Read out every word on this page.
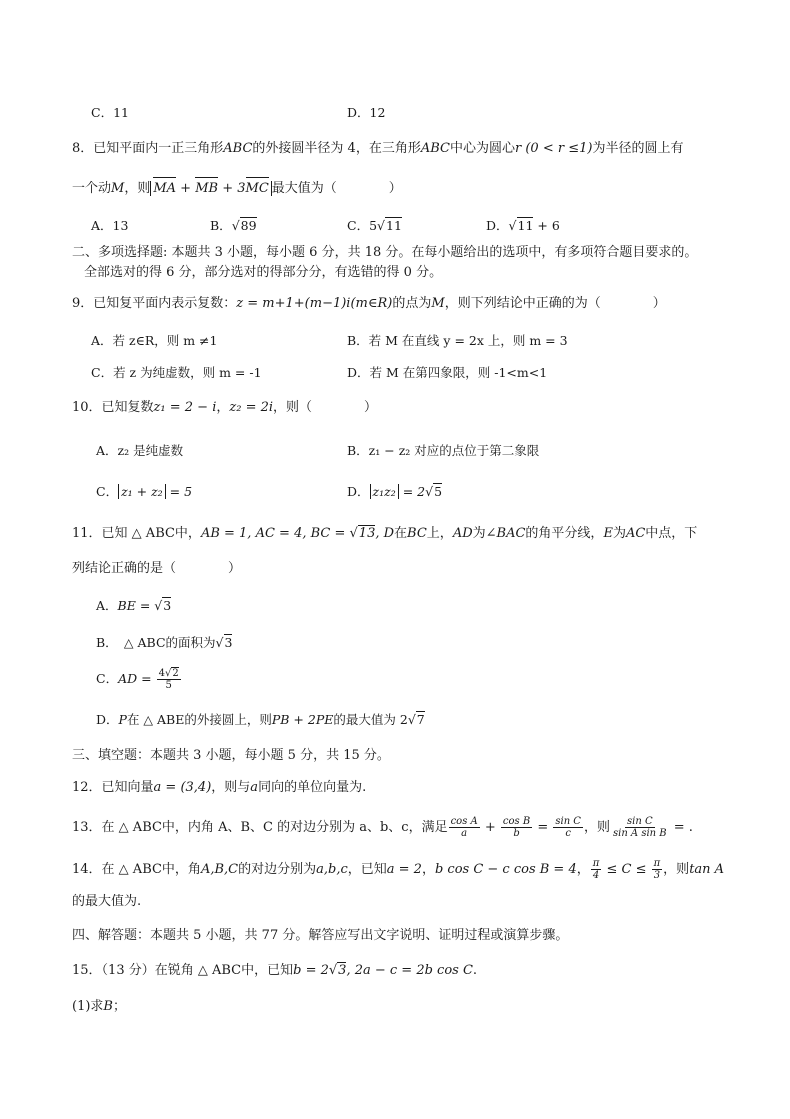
C．11	D．12
8．已知平面内一正三角形ABC的外接圆半径为 4，在三角形ABC中心为圆心r (0 < r ≤1)为半径的圆上有
一个动M，则 MA + MB + 3MC 最大值为（　　　　）
A．13	B．√89	C．5√11	D．√11 + 6
二、多项选择题: 本题共 3 小题，每小题 6 分，共 18 分。在每小题给出的选项中，有多项符合题目要求的。
全部选对的得 6 分，部分选对的得部分分，有选错的得 0 分。
9．已知复平面内表示复数：z = m+1+(m−1)i(m∈R)的点为M，则下列结论中正确的为（　　　　）
A．若 z∈R，则 m ≠1	B．若 M 在直线 y = 2x 上，则 m = 3
C．若 z 为纯虚数，则 m = -1	D．若 M 在第四象限，则 -1<m<1
10．已知复数z₁ = 2 − i，z₂ = 2i，则（　　　　）
A．z₂ 是纯虚数	B．z₁ − z₂ 对应的点位于第二象限
C． z₁ + z₂ = 5	D． z₁z₂ = 2√5
11．已知 △ ABC中，AB = 1, AC = 4, BC = √13, D在BC上，AD为∠BAC的角平分线，E为AC中点，下
列结论正确的是（　　　　）
A．BE = √3
B．　△ ABC的面积为√3
C．AD = $\frac{4√2}{5}$
D．P在 △ ABE的外接圆上，则PB + 2PE的最大值为 2√7
三、填空题：本题共 3 小题，每小题 5 分，共 15 分。
12．已知向量a = (3,4)，则与a同向的单位向量为.
13．在 △ ABC中，内角 A、B、C 的对边分别为 a、b、c，满足 $\frac{\text{cos A}}{a} + \frac{\text{cos B}}{b} = \frac{\text{sin C}}{c}$ ，则 $\frac{\text{sin C}}{\text{sin A sin B}}$ = .
14．在 △ ABC中，角A,B,C的对边分别为a,b,c，已知a = 2，b cos C − c cos B = 4， $\frac{\pi}{4} \le C \le \frac{\pi}{3}$ ，则tan A
的最大值为.
四、解答题：本题共 5 小题，共 77 分。解答应写出文字说明、证明过程或演算步骤。
15．（13 分）在锐角 △ ABC中，已知b = 2√3, 2a − c = 2b cos C.
(1)求B；
